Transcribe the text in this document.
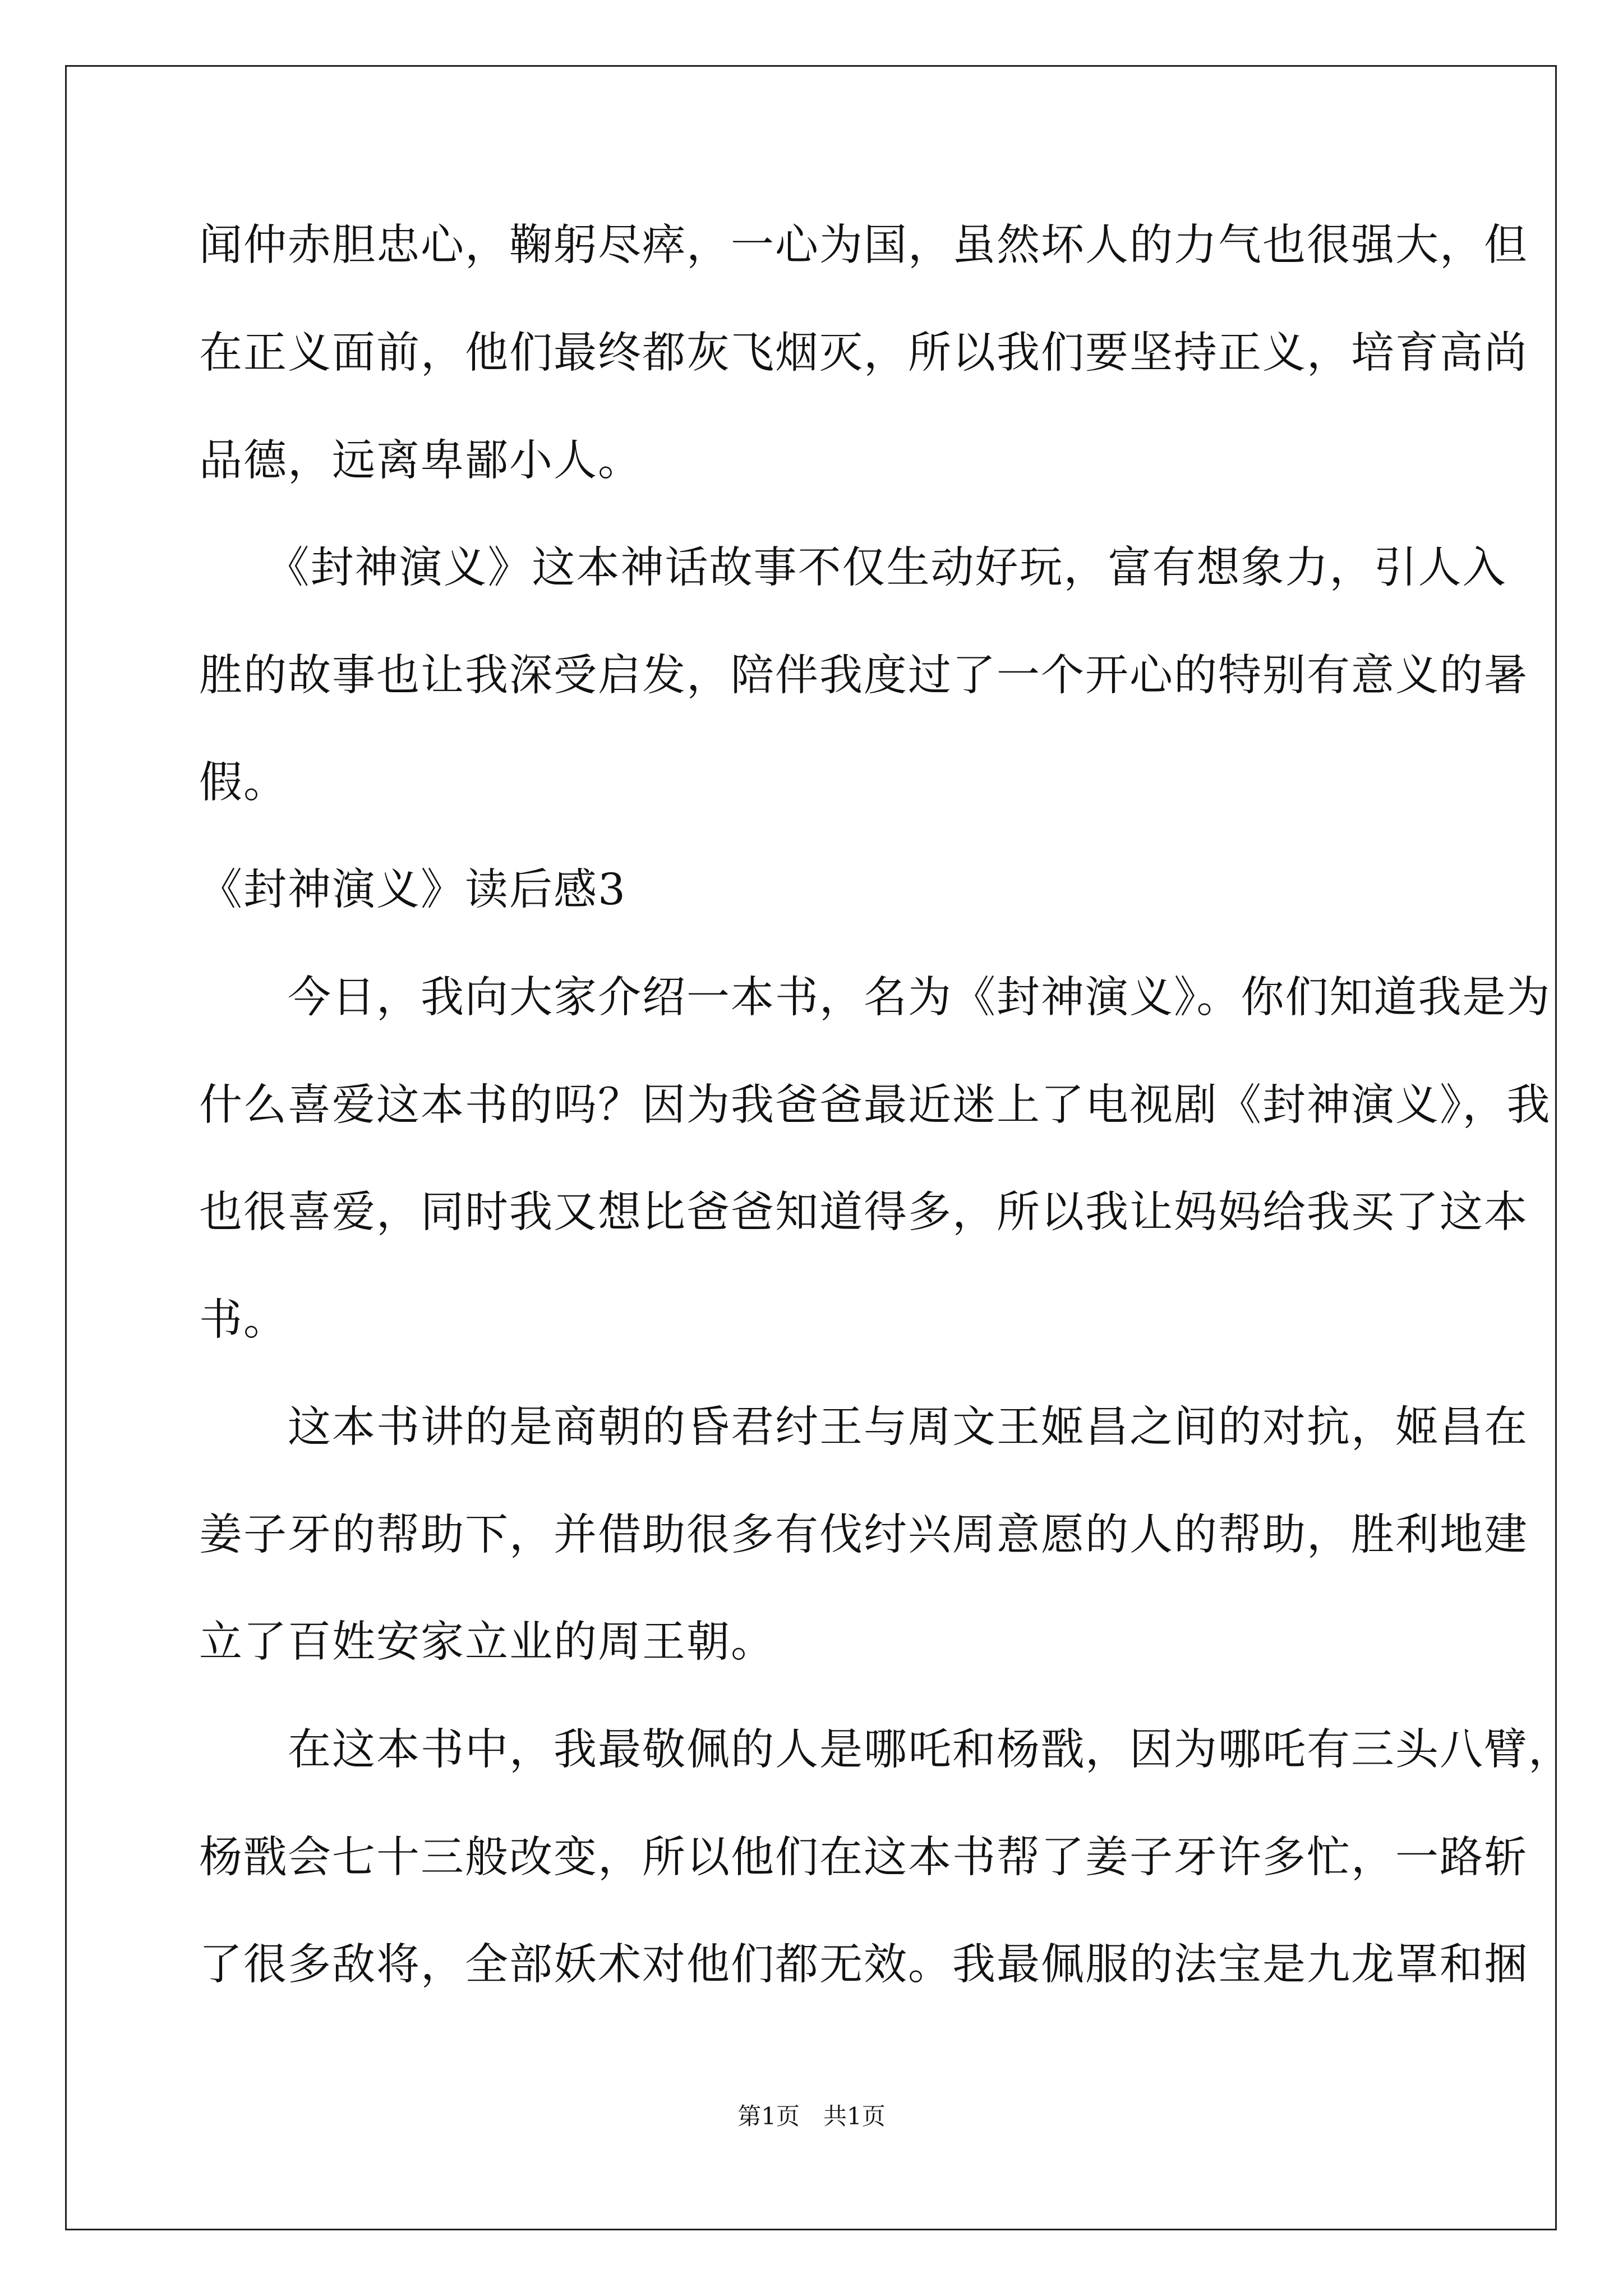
闻仲赤胆忠心，鞠躬尽瘁，一心为国，虽然坏人的力气也很强大，但
在正义面前，他们最终都灰飞烟灭，所以我们要坚持正义，培育高尚
品德，远离卑鄙小人。
　　《封神演义》这本神话故事不仅生动好玩，富有想象力，引人入
胜的故事也让我深受启发，陪伴我度过了一个开心的特别有意义的暑
假。
《封神演义》读后感3
　　今日，我向大家介绍一本书，名为《封神演义》。你们知道我是为
什么喜爱这本书的吗？因为我爸爸最近迷上了电视剧《封神演义》，我
也很喜爱，同时我又想比爸爸知道得多，所以我让妈妈给我买了这本
书。
　　这本书讲的是商朝的昏君纣王与周文王姬昌之间的对抗，姬昌在
姜子牙的帮助下，并借助很多有伐纣兴周意愿的人的帮助，胜利地建
立了百姓安家立业的周王朝。
　　在这本书中，我最敬佩的人是哪吒和杨戬，因为哪吒有三头八臂，
杨戬会七十三般改变，所以他们在这本书帮了姜子牙许多忙，一路斩
了很多敌将，全部妖术对他们都无效。我最佩服的法宝是九龙罩和捆
第1页　共1页
